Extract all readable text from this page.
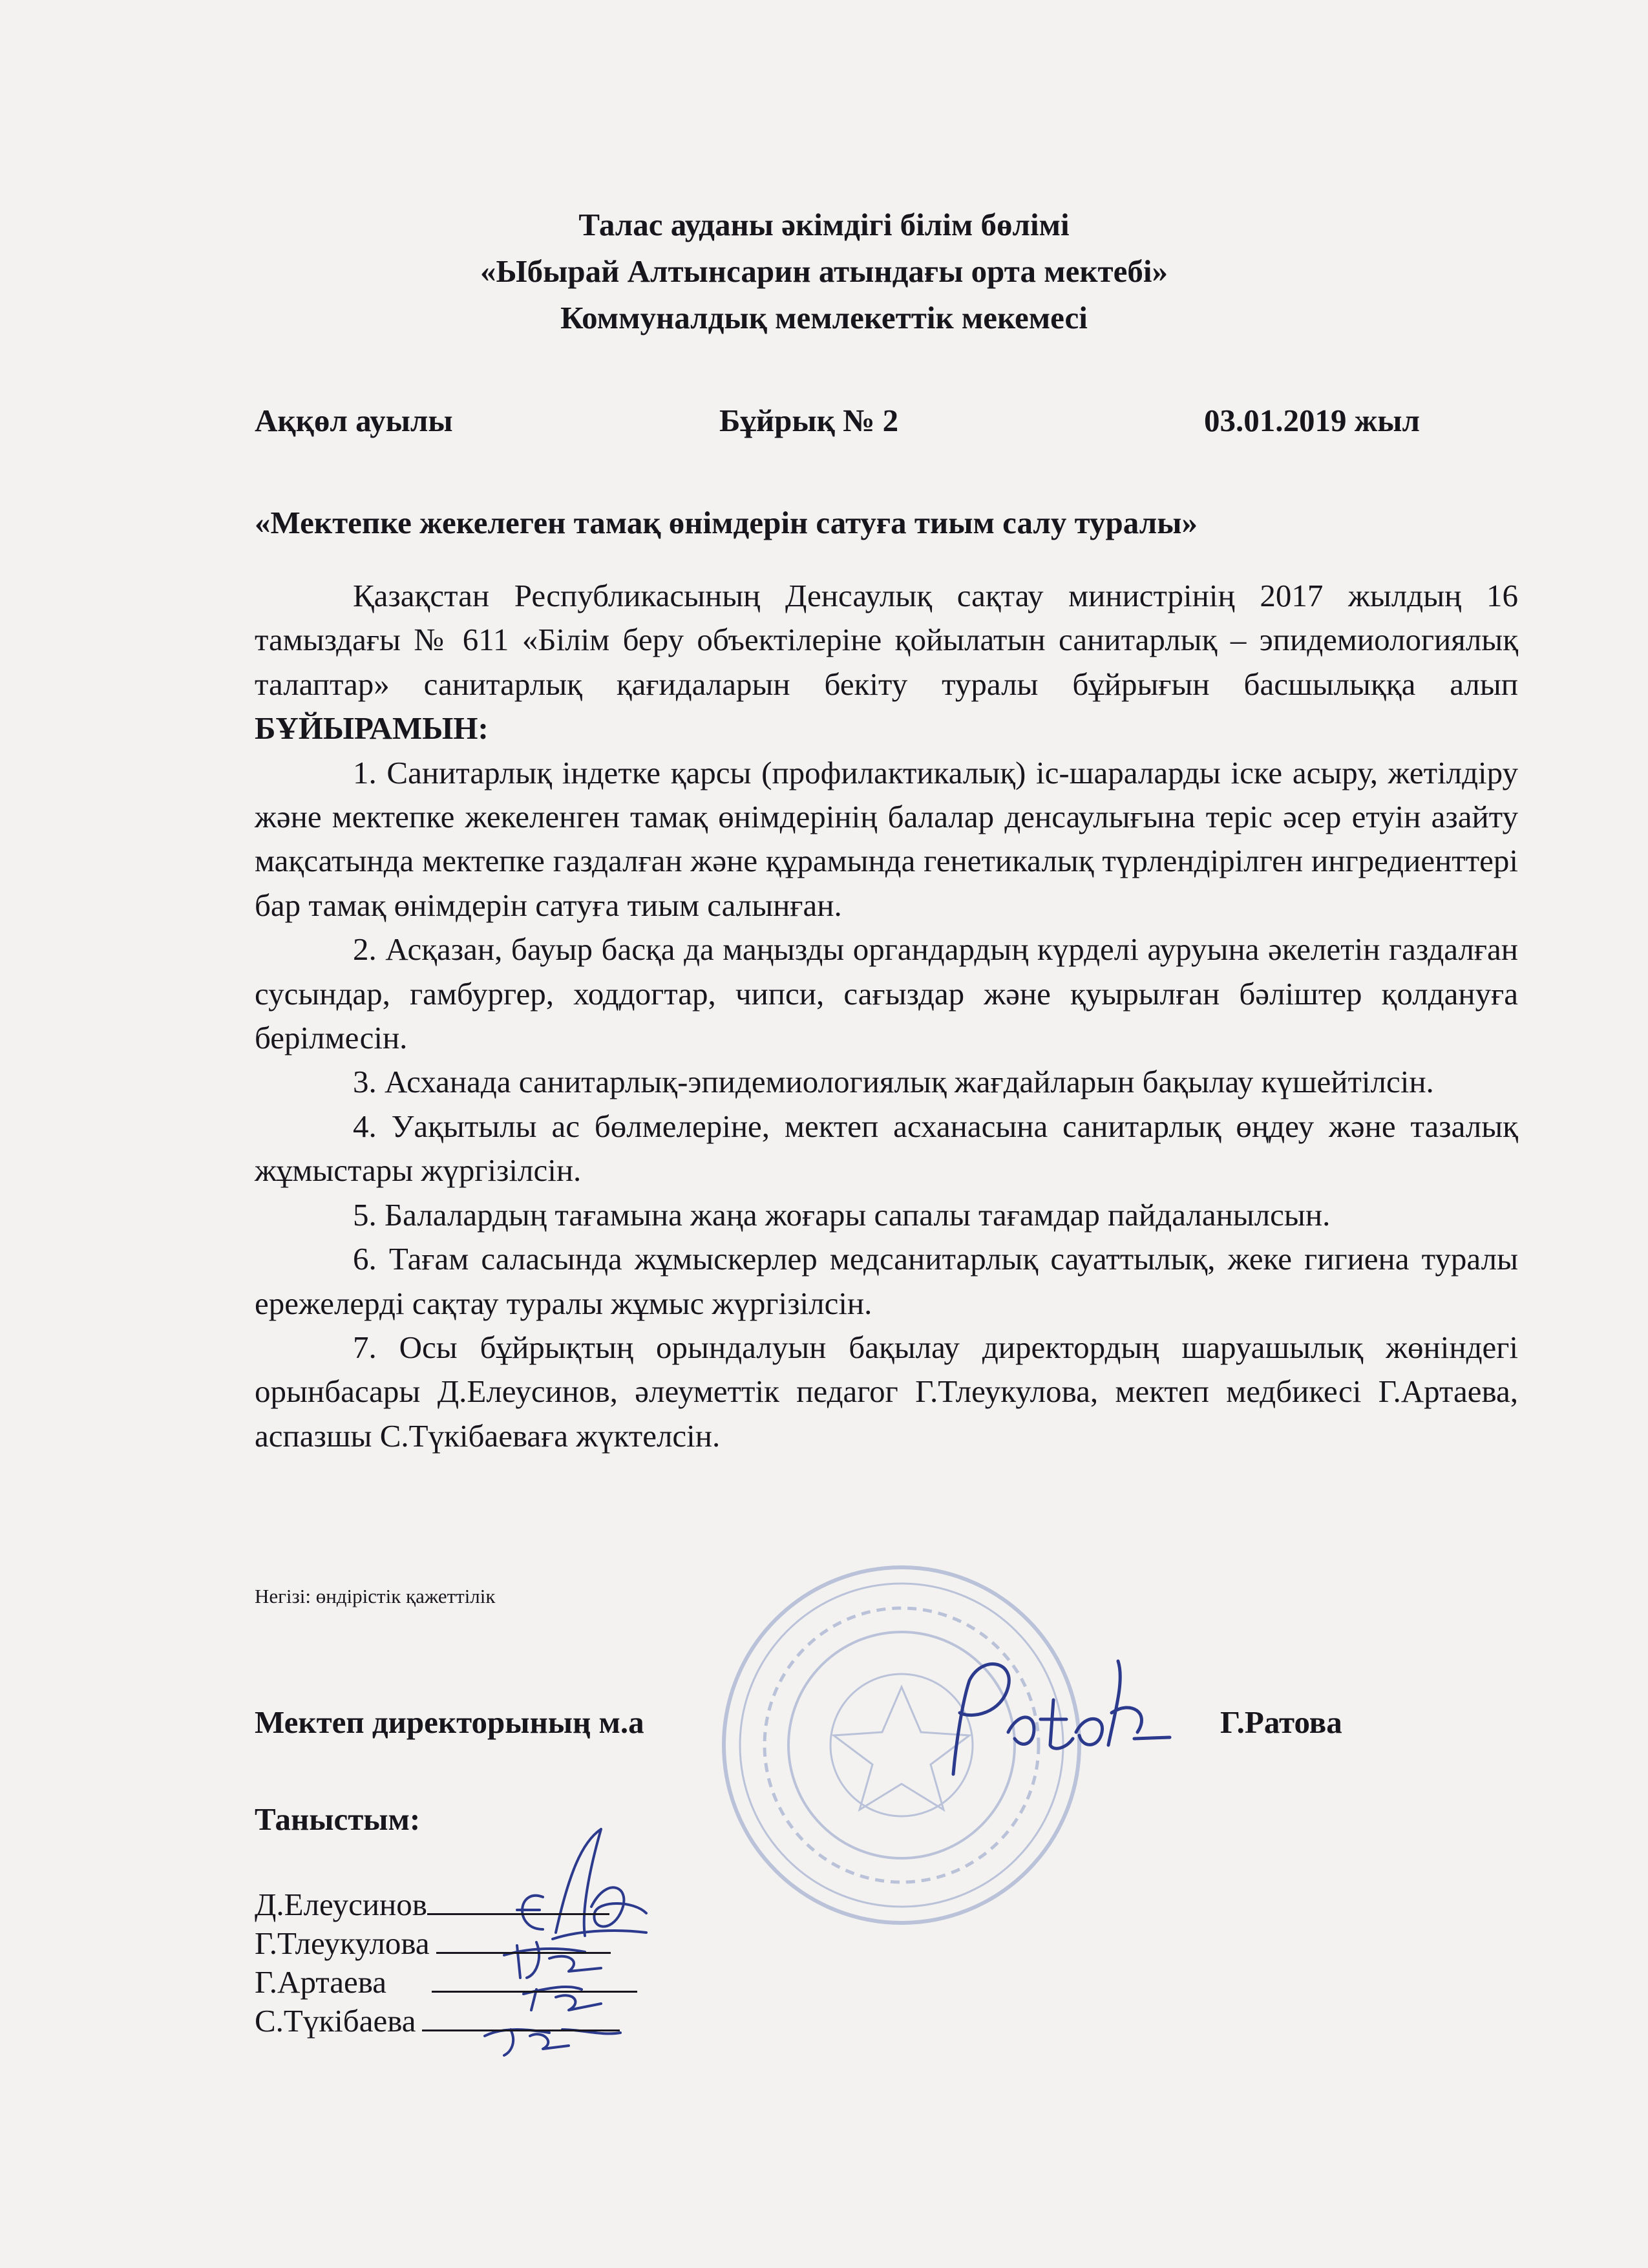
Талас ауданы әкімдігі білім бөлімі
«Ыбырай Алтынсарин атындағы орта мектебі»
Коммуналдық мемлекеттік мекемесі
Аққөл ауылы	Бұйрық № 2	03.01.2019 жыл
«Мектепке жекелеген тамақ өнімдерін сатуға тиым салу туралы»

Қазақстан Республикасының Денсаулық сақтау министрінің 2017 жылдың 16 тамыздағы № 611 «Білім беру объектілеріне қойылатын санитарлық – эпидемиологиялық талаптар» санитарлық қағидаларын бекіту туралы бұйрығын басшылыққа алып БҰЙЫРАМЫН:

1. Санитарлық індетке қарсы (профилактикалық) іс-шараларды іске асыру, жетілдіру және мектепке жекеленген тамақ өнімдерінің балалар денсаулығына теріс әсер етуін азайту мақсатында мектепке газдалған және құрамында генетикалық түрлендірілген ингредиенттері бар тамақ өнімдерін сатуға тиым салынған.

2. Асқазан, бауыр басқа да маңызды органдардың күрделі ауруына әкелетін газдалған сусындар, гамбургер, ходдогтар, чипси, сағыздар және қуырылған бәліштер қолдануға берілмесін.

3. Асханада санитарлық-эпидемиологиялық жағдайларын бақылау күшейтілсін.

4. Уақытылы ас бөлмелеріне, мектеп асханасына санитарлық өңдеу және тазалық жұмыстары жүргізілсін.

5. Балалардың тағамына жаңа жоғары сапалы тағамдар пайдаланылсын.

6. Тағам саласында жұмыскерлер медсанитарлық сауаттылық, жеке гигиена туралы ережелерді сақтау туралы жұмыс жүргізілсін.

7. Осы бұйрықтың орындалуын бақылау директордың шаруашылық жөніндегі орынбасары Д.Елеусинов, әлеуметтік педагог Г.Тлеукулова, мектеп медбикесі Г.Артаева, аспазшы С.Түкібаеваға жүктелсін.

Негізі: өндірістік қажеттілік
Мектеп директорының м.а	Г.Ратова
Таныстым:
Д.Елеусинов
Г.Тлеукулова
Г.Артаева
С.Түкібаева
